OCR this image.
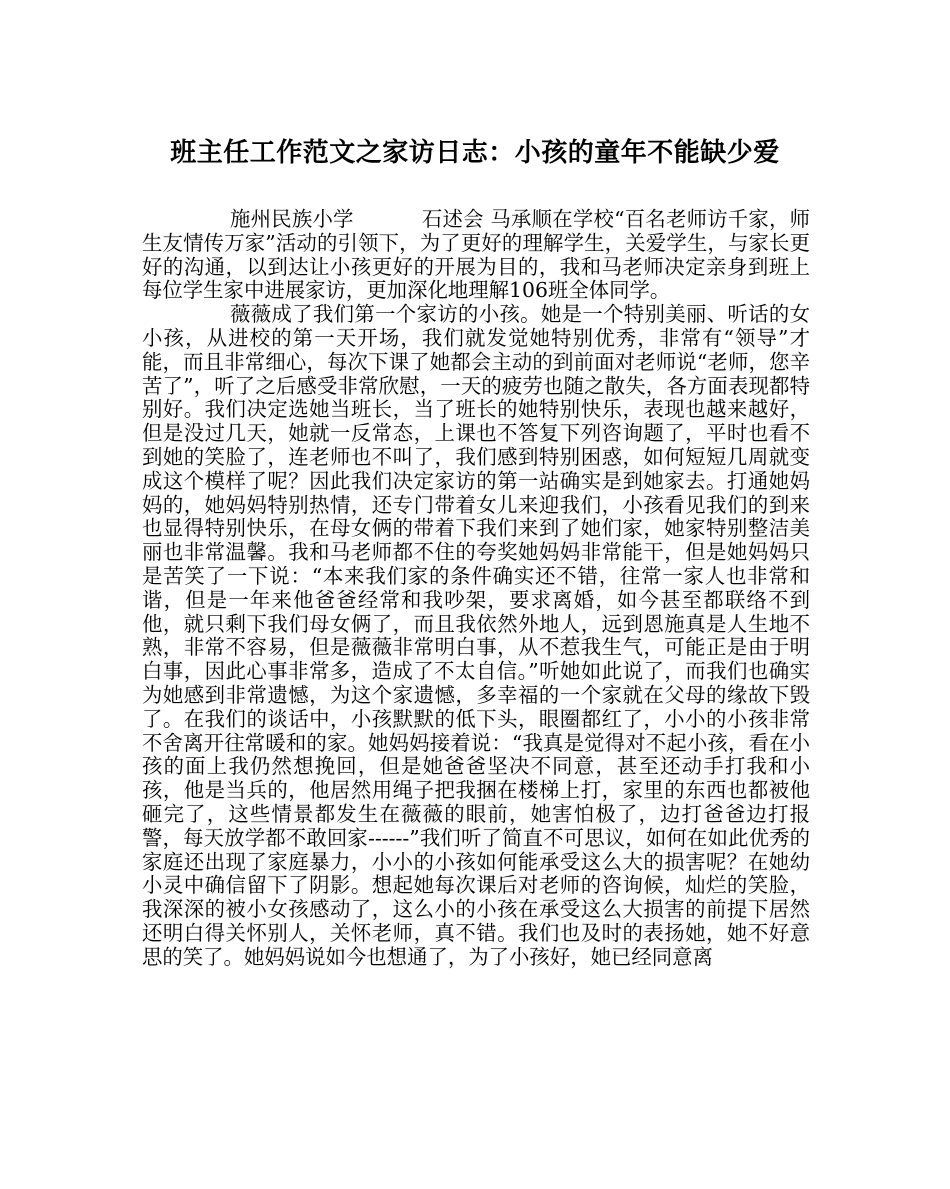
班主任工作范文之家访日志：小孩的童年不能缺少爱

施州民族小学	石述会 马承顺在学校“百名老师访千家，师生友情传万家”活动的引领下，为了更好的理解学生，关爱学生，与家长更好的沟通，以到达让小孩更好的开展为目的，我和马老师决定亲身到班上每位学生家中进展家访，更加深化地理解106班全体同学。

薇薇成了我们第一个家访的小孩。她是一个特别美丽、听话的女小孩，从进校的第一天开场，我们就发觉她特别优秀，非常有“领导”才能，而且非常细心，每次下课了她都会主动的到前面对老师说“老师，您辛苦了”，听了之后感受非常欣慰，一天的疲劳也随之散失，各方面表现都特别好。我们决定选她当班长，当了班长的她特别快乐，表现也越来越好，但是没过几天，她就一反常态，上课也不答复下列咨询题了，平时也看不到她的笑脸了，连老师也不叫了，我们感到特别困惑，如何短短几周就变成这个模样了呢？因此我们决定家访的第一站确实是到她家去。打通她妈妈的，她妈妈特别热情，还专门带着女儿来迎我们，小孩看见我们的到来也显得特别快乐，在母女俩的带着下我们来到了她们家，她家特别整洁美丽也非常温馨。我和马老师都不住的夸奖她妈妈非常能干，但是她妈妈只是苦笑了一下说：“本来我们家的条件确实还不错，往常一家人也非常和谐，但是一年来他爸爸经常和我吵架，要求离婚，如今甚至都联络不到他，就只剩下我们母女俩了，而且我依然外地人，远到恩施真是人生地不熟，非常不容易，但是薇薇非常明白事，从不惹我生气，可能正是由于明白事，因此心事非常多，造成了不太自信。”听她如此说了，而我们也确实为她感到非常遗憾，为这个家遗憾，多幸福的一个家就在父母的缘故下毁了。在我们的谈话中，小孩默默的低下头，眼圈都红了，小小的小孩非常不舍离开往常暖和的家。她妈妈接着说：“我真是觉得对不起小孩，看在小孩的面上我仍然想挽回，但是她爸爸坚决不同意，甚至还动手打我和小孩，他是当兵的，他居然用绳子把我捆在楼梯上打，家里的东西也都被他砸完了，这些情景都发生在薇薇的眼前，她害怕极了，边打爸爸边打报警，每天放学都不敢回家------”我们听了简直不可思议，如何在如此优秀的家庭还出现了家庭暴力，小小的小孩如何能承受这么大的损害呢？在她幼小灵中确信留下了阴影。想起她每次课后对老师的咨询候，灿烂的笑脸，我深深的被小女孩感动了，这么小的小孩在承受这么大损害的前提下居然还明白得关怀别人，关怀老师，真不错。我们也及时的表扬她，她不好意思的笑了。她妈妈说如今也想通了，为了小孩好，她已经同意离
